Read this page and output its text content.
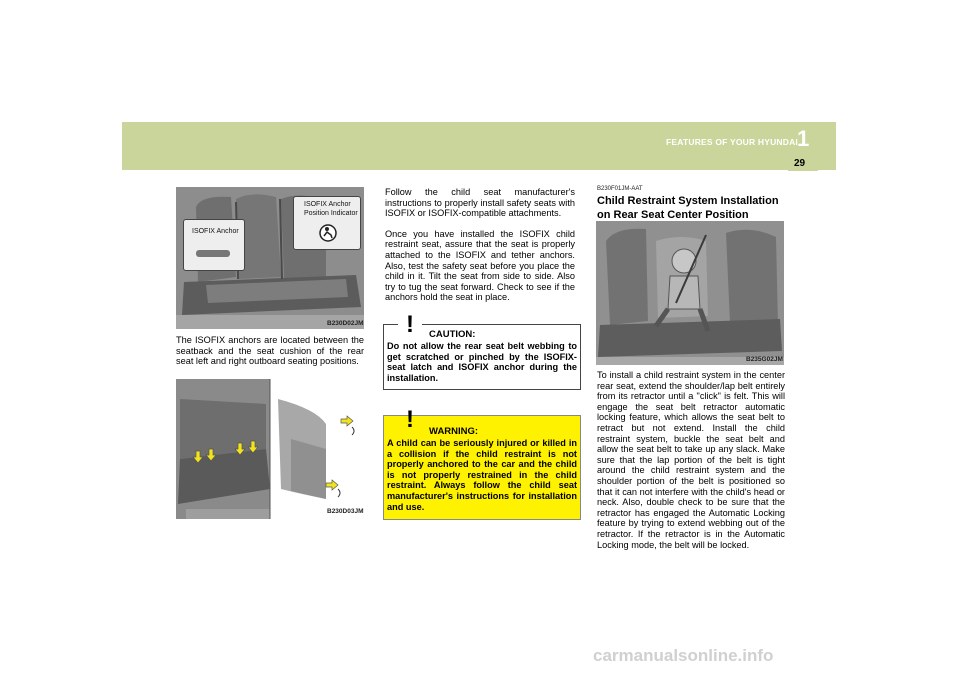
1
FEATURES OF YOUR HYUNDAI
29
ISOFIX Anchor
ISOFIX Anchor
Position Indicator
B230D02JM

The ISOFIX anchors are located between the seatback and the seat cushion of the rear seat left and right outboard seating positions.

B230D03JM

Follow the child seat manufacturer's instructions to properly install safety seats with ISOFIX or ISOFIX-compatible attachments.

Once you have installed the ISOFIX child restraint seat, assure that the seat is properly attached to the ISOFIX and tether anchors. Also, test the safety seat before you place the child in it. Tilt the seat from side to side. Also try to tug the seat forward. Check to see if the anchors hold the seat in place.

! CAUTION:
Do not allow the rear seat belt webbing to get scratched or pinched by the ISOFIX-seat latch and ISOFIX anchor during the installation.
! WARNING:
A child can be seriously injured or killed in a collision if the child restraint is not properly anchored to the car and the child is not properly restrained in the child restraint. Always follow the child seat manufacturer's instructions for installation and use.
B230F01JM-AAT
Child Restraint System Installation on Rear Seat Center Position
B235G02JM

To install a child restraint system in the center rear seat, extend the shoulder/lap belt entirely from its retractor until a "click" is felt. This will engage the seat belt retractor automatic locking feature, which allows the seat belt to retract but not extend. Install the child restraint system, buckle the seat belt and allow the seat belt to take up any slack. Make sure that the lap portion of the belt is tight around the child restraint system and the shoulder portion of the belt is positioned so that it can not interfere with the child's head or neck. Also, double check to be sure that the retractor has engaged the Automatic Locking feature by trying to extend webbing out of the retractor. If the retractor is in the Automatic Locking mode, the belt will be locked.

carmanualsonline.info
